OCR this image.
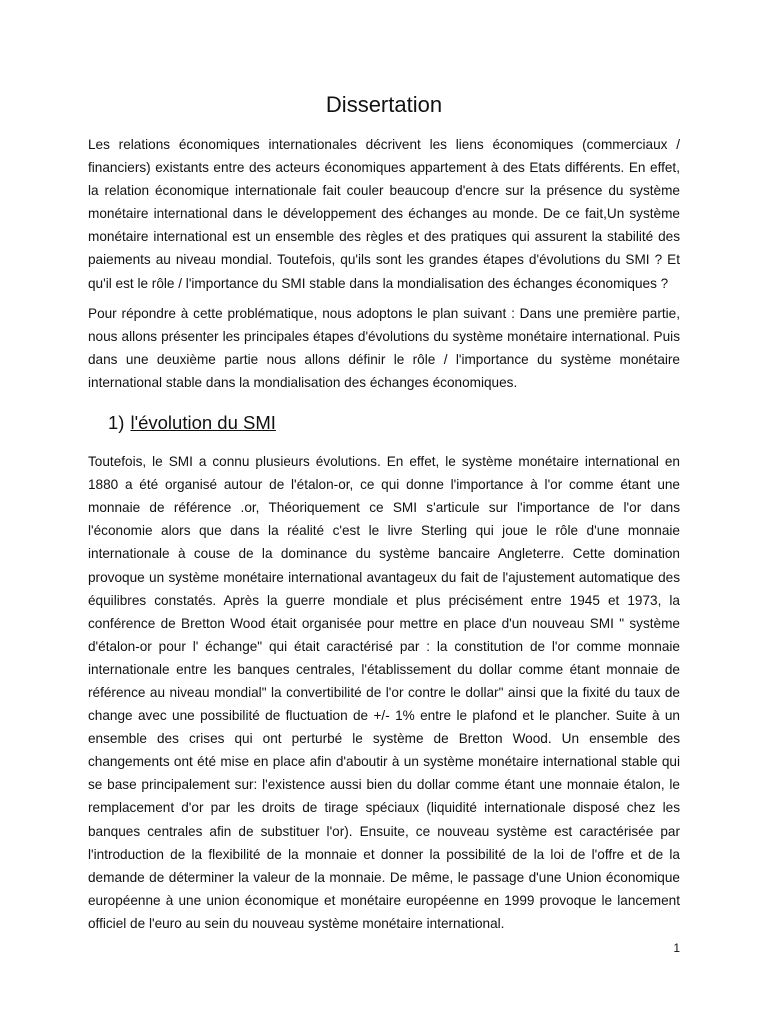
Dissertation

Les relations économiques internationales décrivent les liens économiques (commerciaux / financiers) existants entre des acteurs économiques appartement à des Etats différents. En effet, la relation économique internationale fait couler beaucoup d'encre sur la présence du système monétaire international dans le développement des échanges au monde. De ce fait,Un système monétaire international est un ensemble des règles et des pratiques qui assurent la stabilité des paiements au niveau mondial. Toutefois, qu'ils sont les grandes étapes d'évolutions du SMI ? Et qu'il est le rôle / l'importance du SMI stable dans la mondialisation des échanges économiques ?

Pour répondre à cette problématique, nous adoptons le plan suivant : Dans une première partie, nous allons présenter les principales étapes d'évolutions du système monétaire international. Puis dans une deuxième partie nous allons définir le rôle / l'importance du système monétaire international stable dans la mondialisation des échanges économiques.

1) l'évolution du SMI

Toutefois, le SMI a connu plusieurs évolutions. En effet, le système monétaire international en 1880 a été organisé autour de l'étalon-or, ce qui donne l'importance à l'or comme étant une monnaie de référence .or, Théoriquement ce SMI s'articule sur l'importance de l'or dans l'économie alors que dans la réalité c'est le livre Sterling qui joue le rôle d'une monnaie internationale à couse de la dominance du système bancaire Angleterre. Cette domination provoque un système monétaire international avantageux du fait de l'ajustement automatique des équilibres constatés. Après la guerre mondiale et plus précisément entre 1945 et 1973, la conférence de Bretton Wood était organisée pour mettre en place d'un nouveau SMI " système d'étalon-or pour l' échange" qui était caractérisé par : la constitution de l'or comme monnaie internationale entre les banques centrales, l'établissement du dollar comme étant monnaie de référence au niveau mondial" la convertibilité de l'or contre le dollar" ainsi que la fixité du taux de change avec une possibilité de fluctuation de +/- 1% entre le plafond et le plancher. Suite à un ensemble des crises qui ont perturbé le système de Bretton Wood. Un ensemble des changements ont été mise en place afin d'aboutir à un système monétaire international stable qui se base principalement sur: l'existence aussi bien du dollar comme étant une monnaie étalon, le remplacement d'or par les droits de tirage spéciaux (liquidité internationale disposé chez les banques centrales afin de substituer l'or). Ensuite, ce nouveau système est caractérisée par l'introduction de la flexibilité de la monnaie et donner la possibilité de la loi de l'offre et de la demande de déterminer la valeur de la monnaie. De même, le passage d'une Union économique européenne à une union économique et monétaire européenne en 1999 provoque le lancement officiel de l'euro au sein du nouveau système monétaire international.

1
